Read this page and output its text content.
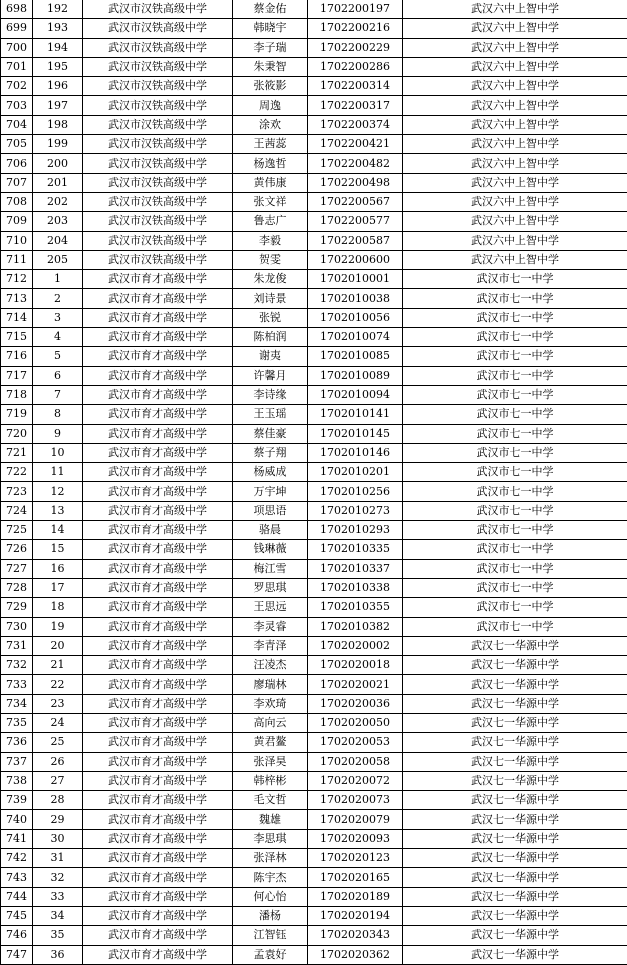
698	192	武汉市汉铁高级中学	蔡金佑	1702200197	武汉六中上智中学
699	193	武汉市汉铁高级中学	韩晓宇	1702200216	武汉六中上智中学
700	194	武汉市汉铁高级中学	李子瑞	1702200229	武汉六中上智中学
701	195	武汉市汉铁高级中学	朱秉智	1702200286	武汉六中上智中学
702	196	武汉市汉铁高级中学	张筱影	1702200314	武汉六中上智中学
703	197	武汉市汉铁高级中学	周逸	1702200317	武汉六中上智中学
704	198	武汉市汉铁高级中学	涂欢	1702200374	武汉六中上智中学
705	199	武汉市汉铁高级中学	王茜蕊	1702200421	武汉六中上智中学
706	200	武汉市汉铁高级中学	杨逸哲	1702200482	武汉六中上智中学
707	201	武汉市汉铁高级中学	黄伟康	1702200498	武汉六中上智中学
708	202	武汉市汉铁高级中学	张文祥	1702200567	武汉六中上智中学
709	203	武汉市汉铁高级中学	鲁志广	1702200577	武汉六中上智中学
710	204	武汉市汉铁高级中学	李毅	1702200587	武汉六中上智中学
711	205	武汉市汉铁高级中学	贺雯	1702200600	武汉六中上智中学
712	1	武汉市育才高级中学	朱龙俊	1702010001	武汉市七一中学
713	2	武汉市育才高级中学	刘诗景	1702010038	武汉市七一中学
714	3	武汉市育才高级中学	张锐	1702010056	武汉市七一中学
715	4	武汉市育才高级中学	陈柏润	1702010074	武汉市七一中学
716	5	武汉市育才高级中学	谢夷	1702010085	武汉市七一中学
717	6	武汉市育才高级中学	许馨月	1702010089	武汉市七一中学
718	7	武汉市育才高级中学	李诗缘	1702010094	武汉市七一中学
719	8	武汉市育才高级中学	王玉瑶	1702010141	武汉市七一中学
720	9	武汉市育才高级中学	蔡佳豪	1702010145	武汉市七一中学
721	10	武汉市育才高级中学	蔡子翔	1702010146	武汉市七一中学
722	11	武汉市育才高级中学	杨威成	1702010201	武汉市七一中学
723	12	武汉市育才高级中学	万宇坤	1702010256	武汉市七一中学
724	13	武汉市育才高级中学	项思语	1702010273	武汉市七一中学
725	14	武汉市育才高级中学	骆晨	1702010293	武汉市七一中学
726	15	武汉市育才高级中学	钱琳薇	1702010335	武汉市七一中学
727	16	武汉市育才高级中学	梅江雪	1702010337	武汉市七一中学
728	17	武汉市育才高级中学	罗思琪	1702010338	武汉市七一中学
729	18	武汉市育才高级中学	王思远	1702010355	武汉市七一中学
730	19	武汉市育才高级中学	李灵睿	1702010382	武汉市七一中学
731	20	武汉市育才高级中学	李青泽	1702020002	武汉七一华源中学
732	21	武汉市育才高级中学	汪凌杰	1702020018	武汉七一华源中学
733	22	武汉市育才高级中学	廖瑞林	1702020021	武汉七一华源中学
734	23	武汉市育才高级中学	李欢琦	1702020036	武汉七一华源中学
735	24	武汉市育才高级中学	高向云	1702020050	武汉七一华源中学
736	25	武汉市育才高级中学	黄君鳌	1702020053	武汉七一华源中学
737	26	武汉市育才高级中学	张泽昊	1702020058	武汉七一华源中学
738	27	武汉市育才高级中学	韩梓彬	1702020072	武汉七一华源中学
739	28	武汉市育才高级中学	毛文哲	1702020073	武汉七一华源中学
740	29	武汉市育才高级中学	魏雄	1702020079	武汉七一华源中学
741	30	武汉市育才高级中学	李思琪	1702020093	武汉七一华源中学
742	31	武汉市育才高级中学	张泽林	1702020123	武汉七一华源中学
743	32	武汉市育才高级中学	陈宇杰	1702020165	武汉七一华源中学
744	33	武汉市育才高级中学	何心怡	1702020189	武汉七一华源中学
745	34	武汉市育才高级中学	潘杨	1702020194	武汉七一华源中学
746	35	武汉市育才高级中学	江智钰	1702020343	武汉七一华源中学
747	36	武汉市育才高级中学	孟袁好	1702020362	武汉七一华源中学
